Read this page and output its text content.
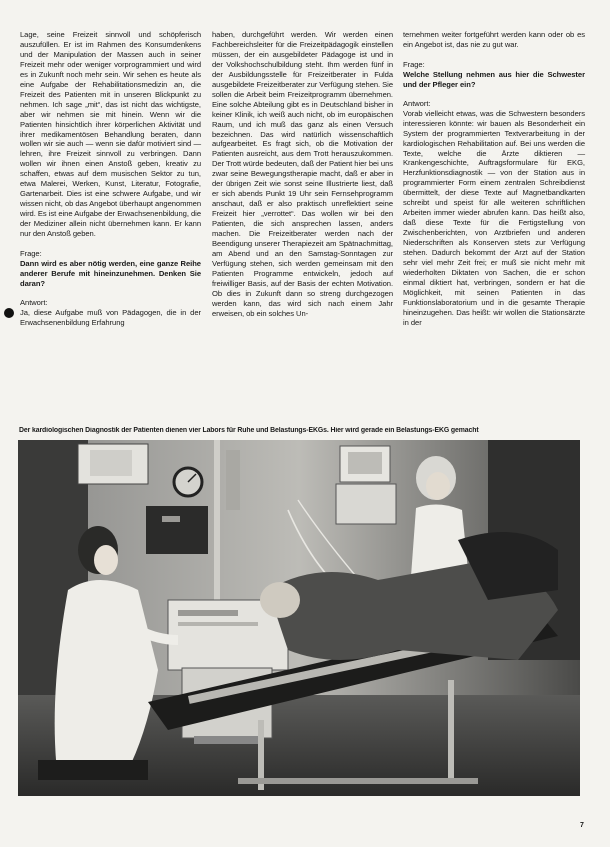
Lage, seine Freizeit sinnvoll und schöpferisch auszufüllen. Er ist im Rahmen des Konsumdenkens und der Manipulation der Massen auch in seiner Freizeit mehr oder weniger vorprogrammiert und wird es in Zukunft noch mehr sein. Wir sehen es heute als eine Aufgabe der Rehabilitationsmedizin an, die Freizeit des Patienten mit in unseren Blickpunkt zu nehmen. Ich sage „mit“, das ist nicht das wichtigste, aber wir nehmen sie mit hinein. Wenn wir die Patienten hinsichtlich ihrer körperlichen Aktivität und ihrer medikamentösen Behandlung beraten, dann wollen wir sie auch — wenn sie dafür motiviert sind — lehren, ihre Freizeit sinnvoll zu verbringen. Dann wollen wir ihnen einen Anstoß geben, kreativ zu schaffen, etwas auf dem musischen Sektor zu tun, etwa Malerei, Werken, Kunst, Literatur, Fotografie, Gartenarbeit. Dies ist eine schwere Aufgabe, und wir wissen nicht, ob das Angebot überhaupt angenommen wird. Es ist eine Aufgabe der Erwachsenenbildung, die der Mediziner allein nicht übernehmen kann. Er kann nur den Anstoß geben.

Frage:

Dann wird es aber nötig werden, eine ganze Reihe anderer Berufe mit hineinzunehmen. Denken Sie daran?

Antwort:

Ja, diese Aufgabe muß von Pädagogen, die in der Erwachsenenbildung Erfahrung

haben, durchgeführt werden. Wir werden einen Fachbereichsleiter für die Freizeitpädagogik einstellen müssen, der ein ausgebildeter Pädagoge ist und in der Volkshochschulbildung steht. Ihm werden fünf in der Ausbildungsstelle für Freizeitberater in Fulda ausgebildete Freizeitberater zur Verfügung stehen. Sie sollen die Arbeit beim Freizeitprogramm übernehmen. Eine solche Abteilung gibt es in Deutschland bisher in keiner Klinik, ich weiß auch nicht, ob im europäischen Raum, und ich muß das ganz als einen Versuch bezeichnen. Das wird natürlich wissenschaftlich aufgearbeitet. Es fragt sich, ob die Motivation der Patienten ausreicht, aus dem Trott herauszukommen. Der Trott würde bedeuten, daß der Patient hier bei uns zwar seine Bewegungstherapie macht, daß er aber in der übrigen Zeit wie sonst seine Illustrierte liest, daß er sich abends Punkt 19 Uhr sein Fernsehprogramm anschaut, daß er also praktisch unreflektiert seine Freizeit hier „verrottet“. Das wollen wir bei den Patienten, die sich ansprechen lassen, anders machen. Die Freizeitberater werden nach der Beendigung unserer Therapiezeit am Spätnachmittag, am Abend und an den Samstag-Sonntagen zur Verfügung stehen, sich werden gemeinsam mit den Patienten Programme entwickeln, jedoch auf freiwilliger Basis, auf der Basis der echten Motivation. Ob dies in Zukunft dann so streng durchgezogen werden kann, das wird sich nach einem Jahr erweisen, ob ein solches Un-

ternehmen weiter fortgeführt werden kann oder ob es ein Angebot ist, das nie zu gut war.

Frage:

Welche Stellung nehmen aus hier die Schwester und der Pfleger ein?

Antwort:

Vorab vielleicht etwas, was die Schwestern besonders interessieren könnte: wir bauen als Besonderheit ein System der programmierten Textverarbeitung in der kardiologischen Rehabilitation auf. Bei uns werden die Texte, welche die Ärzte diktieren — Krankengeschichte, Auftragsformulare für EKG, Herzfunktionsdiagnostik — von der Station aus in programmierter Form einem zentralen Schreibdienst übermittelt, der diese Texte auf Magnetbandkarten schreibt und speist für alle weiteren schriftlichen Arbeiten immer wieder abrufen kann. Das heißt also, daß diese Texte für die Fertigstellung von Zwischenberichten, von Arztbriefen und anderen Niederschriften als Konserven stets zur Verfügung stehen. Dadurch bekommt der Arzt auf der Station sehr viel mehr Zeit frei; er muß sie nicht mehr mit wiederholten Diktaten von Sachen, die er schon einmal diktiert hat, verbringen, sondern er hat die Möglichkeit, mit seinen Patienten in das Funktionslaboratorium und in die gesamte Therapie hineinzugehen. Das heißt: wir wollen die Stationsärzte in der

Der kardiologischen Diagnostik der Patienten dienen vier Labors für Ruhe und Belastungs-EKGs. Hier wird gerade ein Belastungs-EKG gemacht
7
